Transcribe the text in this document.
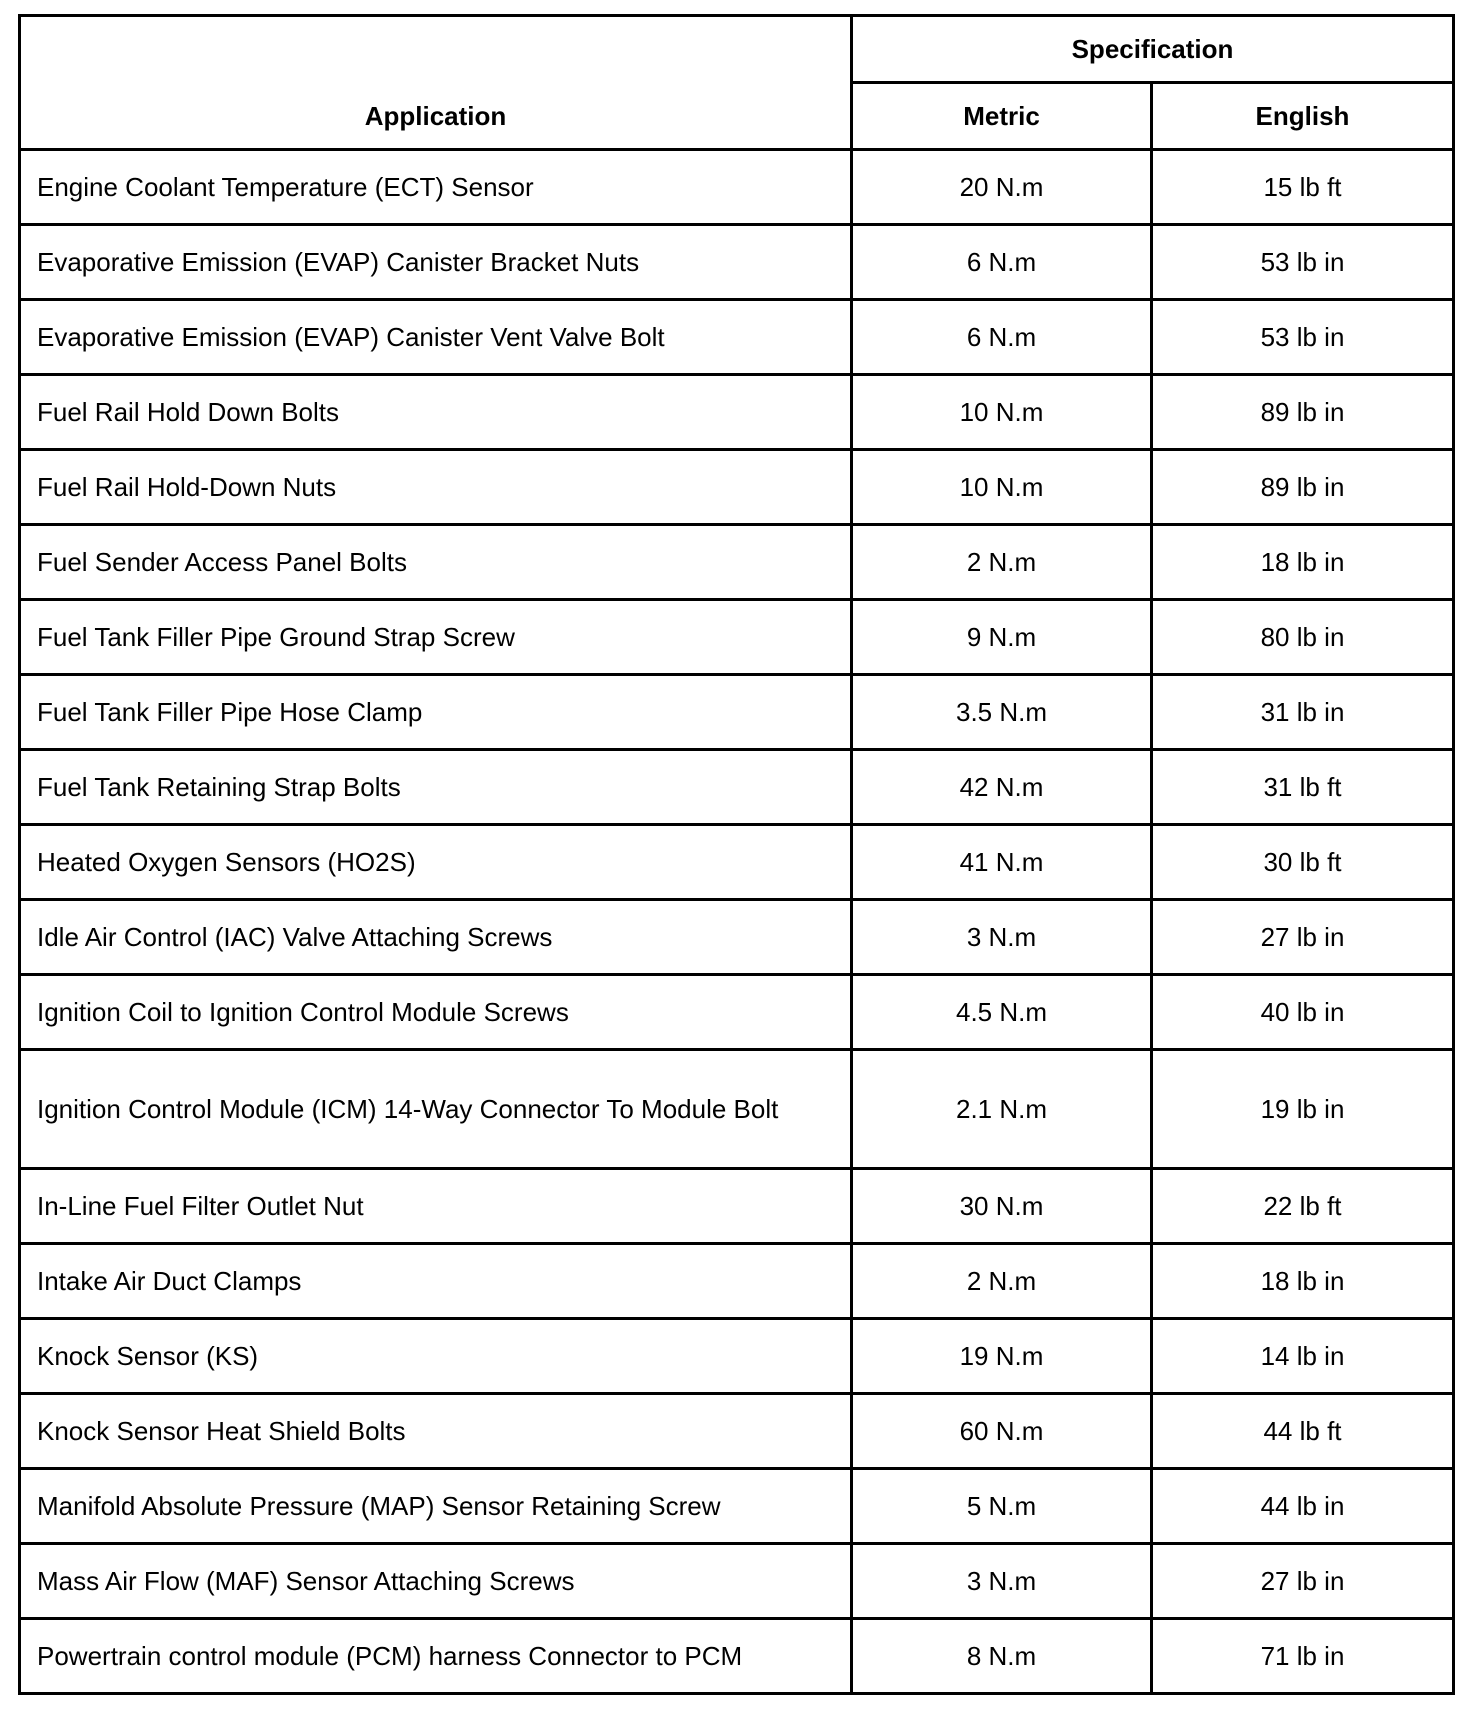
Application	Specification	
	Metric	English
Engine Coolant Temperature (ECT) Sensor	20 N.m	15 lb ft
Evaporative Emission (EVAP) Canister Bracket Nuts	6 N.m	53 lb in
Evaporative Emission (EVAP) Canister Vent Valve Bolt	6 N.m	53 lb in
Fuel Rail Hold Down Bolts	10 N.m	89 lb in
Fuel Rail Hold-Down Nuts	10 N.m	89 lb in
Fuel Sender Access Panel Bolts	2 N.m	18 lb in
Fuel Tank Filler Pipe Ground Strap Screw	9 N.m	80 lb in
Fuel Tank Filler Pipe Hose Clamp	3.5 N.m	31 lb in
Fuel Tank Retaining Strap Bolts	42 N.m	31 lb ft
Heated Oxygen Sensors (HO2S)	41 N.m	30 lb ft
Idle Air Control (IAC) Valve Attaching Screws	3 N.m	27 lb in
Ignition Coil to Ignition Control Module Screws	4.5 N.m	40 lb in
Ignition Control Module (ICM) 14-Way Connector To Module Bolt	2.1 N.m	19 lb in
In-Line Fuel Filter Outlet Nut	30 N.m	22 lb ft
Intake Air Duct Clamps	2 N.m	18 lb in
Knock Sensor (KS)	19 N.m	14 lb in
Knock Sensor Heat Shield Bolts	60 N.m	44 lb ft
Manifold Absolute Pressure (MAP) Sensor Retaining Screw	5 N.m	44 lb in
Mass Air Flow (MAF) Sensor Attaching Screws	3 N.m	27 lb in
Powertrain control module (PCM) harness Connector to PCM	8 N.m	71 lb in
